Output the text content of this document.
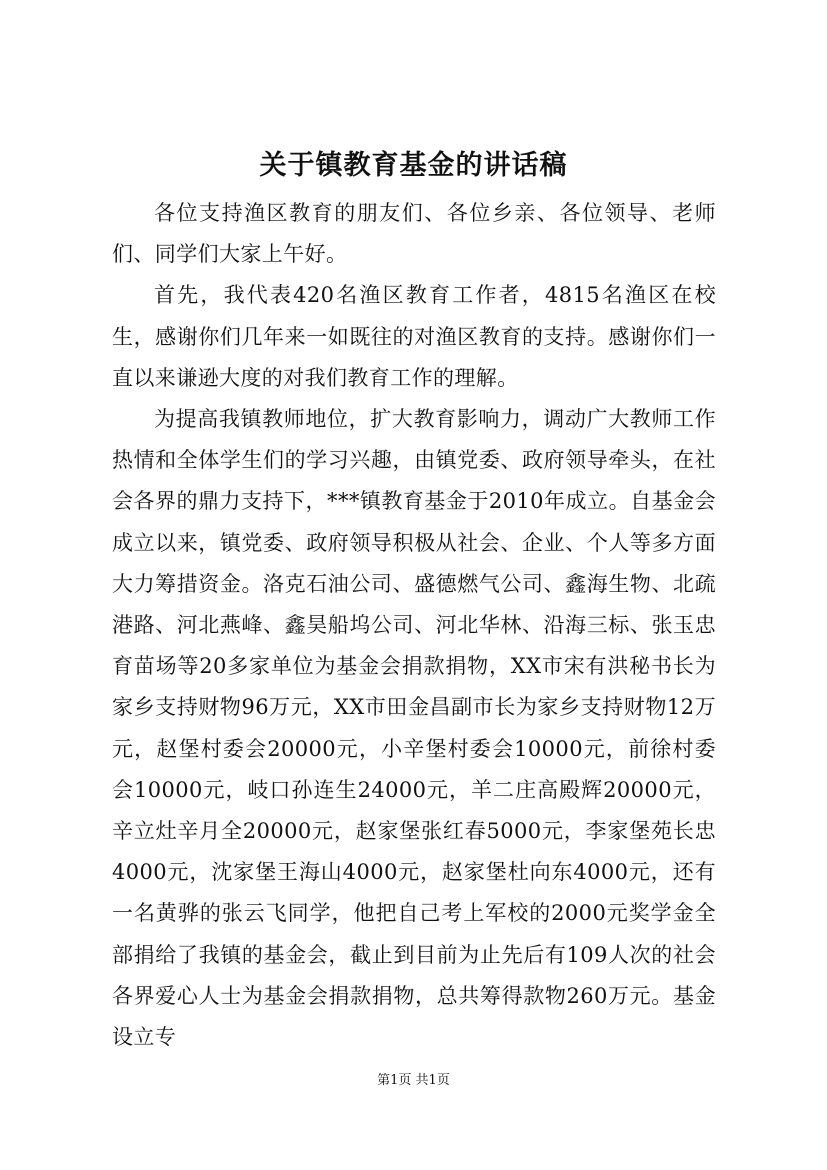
关于镇教育基金的讲话稿

各位支持渔区教育的朋友们、各位乡亲、各位领导、老师们、同学们大家上午好。

首先，我代表420名渔区教育工作者，4815名渔区在校生，感谢你们几年来一如既往的对渔区教育的支持。感谢你们一直以来谦逊大度的对我们教育工作的理解。

为提高我镇教师地位，扩大教育影响力，调动广大教师工作热情和全体学生们的学习兴趣，由镇党委、政府领导牵头，在社会各界的鼎力支持下，***镇教育基金于2010年成立。自基金会成立以来，镇党委、政府领导积极从社会、企业、个人等多方面大力筹措资金。洛克石油公司、盛德燃气公司、鑫海生物、北疏港路、河北燕峰、鑫昊船坞公司、河北华林、沿海三标、张玉忠育苗场等20多家单位为基金会捐款捐物，XX市宋有洪秘书长为家乡支持财物96万元，XX市田金昌副市长为家乡支持财物12万元，赵堡村委会20000元，小辛堡村委会10000元，前徐村委会10000元，岐口孙连生24000元，羊二庄高殿辉20000元，辛立灶辛月全20000元，赵家堡张红春5000元，李家堡苑长忠4000元，沈家堡王海山4000元，赵家堡杜向东4000元，还有一名黄骅的张云飞同学，他把自己考上军校的2000元奖学金全部捐给了我镇的基金会，截止到目前为止先后有109人次的社会各界爱心人士为基金会捐款捐物，总共筹得款物260万元。基金设立专

第1页 共1页
